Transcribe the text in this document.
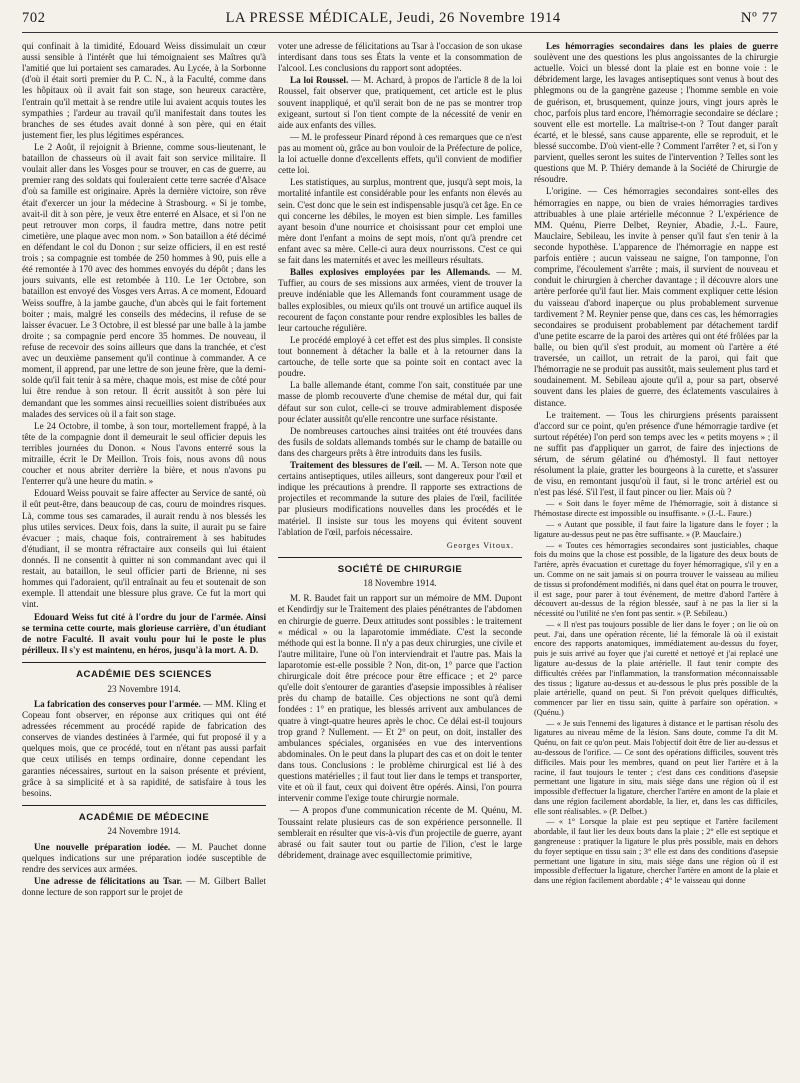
702	LA PRESSE MÉDICALE, Jeudi, 26 Novembre 1914	Nº 77

qui confinait à la timidité, Edouard Weiss dissimulait un cœur aussi sensible à l'intérêt que lui témoignaient ses Maîtres qu'à l'amitié que lui portaient ses camarades. Au Lycée, à la Sorbonne (d'où il était sorti premier du P. C. N., à la Faculté, comme dans les hôpitaux où il avait fait son stage, son heureux caractère, l'entrain qu'il mettait à se rendre utile lui avaient acquis toutes les sympathies ; l'ardeur au travail qu'il manifestait dans toutes les branches de ses études avait donné à son père, qui en était justement fier, les plus légitimes espérances.

Le 2 Août, il rejoignit à Brienne, comme sous-lieutenant, le bataillon de chasseurs où il avait fait son service militaire. Il voulait aller dans les Vosges pour se trouver, en cas de guerre, au premier rang des soldats qui fouleraient cette terre sacrée d'Alsace d'où sa famille est originaire. Après la dernière victoire, son rêve était d'exercer un jour la médecine à Strasbourg. « Si je tombe, avait-il dit à son père, je veux être enterré en Alsace, et si l'on ne peut retrouver mon corps, il faudra mettre, dans notre petit cimetière, une plaque avec mon nom. » Son bataillon a été décimé en défendant le col du Donon ; sur seize officiers, il en est resté trois ; sa compagnie est tombée de 250 hommes à 90, puis elle a été remontée à 170 avec des hommes envoyés du dépôt ; dans les jours suivants, elle est retombée à 110. Le 1er Octobre, son bataillon est envoyé des Vosges vers Arras. A ce moment, Edouard Weiss souffre, à la jambe gauche, d'un abcès qui le fait fortement boiter ; mais, malgré les conseils des médecins, il refuse de se laisser évacuer. Le 3 Octobre, il est blessé par une balle à la jambe droite ; sa compagnie perd encore 35 hommes. De nouveau, il refuse de recevoir des soins ailleurs que dans la tranchée, et c'est avec un deuxième pansement qu'il continue à commander. A ce moment, il apprend, par une lettre de son jeune frère, que la demi-solde qu'il fait tenir à sa mère, chaque mois, est mise de côté pour lui être rendue à son retour. Il écrit aussitôt à son père lui demandant que les sommes ainsi recueillies soient distribuées aux malades des services où il a fait son stage.

Le 24 Octobre, il tombe, à son tour, mortellement frappé, à la tête de la compagnie dont il demeurait le seul officier depuis les terribles journées du Donon. « Nous l'avons enterré sous la mitraille, écrit le Dr Meillon. Trois fois, nous avons dû nous coucher et nous abriter derrière la bière, et nous n'avons pu l'enterrer qu'à une heure du matin. »

Edouard Weiss pouvait se faire affecter au Service de santé, où il eût peut-être, dans beaucoup de cas, couru de moindres risques. Là, comme tous ses camarades, il aurait rendu à nos blessés les plus utiles services. Deux fois, dans la suite, il aurait pu se faire évacuer ; mais, chaque fois, contrairement à ses habitudes d'étudiant, il se montra réfractaire aux conseils qui lui étaient donnés. Il ne consentit à quitter ni son commandant avec qui il restait, au bataillon, le seul officier parti de Brienne, ni ses hommes qui l'adoraient, qu'il entraînait au feu et soutenait de son exemple. Il attendait une blessure plus grave. Ce fut la mort qui vint.

Edouard Weiss fut cité à l'ordre du jour de l'armée. Ainsi se termina cette courte, mais glorieuse carrière, d'un étudiant de notre Faculté. Il avait voulu pour lui le poste le plus périlleux. Il s'y est maintenu, en héros, jusqu'à la mort. A. D.

ACADÉMIE DES SCIENCES
23 Novembre 1914.

La fabrication des conserves pour l'armée. — MM. Kling et Copeau font observer, en réponse aux critiques qui ont été adressées récemment au procédé rapide de fabrication des conserves de viandes destinées à l'armée, qui fut proposé il y a quelques mois, que ce procédé, tout en n'étant pas aussi parfait que ceux utilisés en temps ordinaire, donne cependant les garanties nécessaires, surtout en la saison présente et prévient, grâce à sa simplicité et à sa rapidité, de satisfaire à tous les besoins.

ACADÉMIE DE MÉDECINE
24 Novembre 1914.

Une nouvelle préparation iodée. — M. Pauchet donne quelques indications sur une préparation iodée susceptible de rendre des services aux armées.

Une adresse de félicitations au Tsar. — M. Gilbert Ballet donne lecture de son rapport sur le projet de

voter une adresse de félicitations au Tsar à l'occasion de son ukase interdisant dans tous ses États la vente et la consommation de l'alcool. Les conclusions du rapport sont adoptées.

La loi Roussel. — M. Achard, à propos de l'article 8 de la loi Roussel, fait observer que, pratiquement, cet article est le plus souvent inappliqué, et qu'il serait bon de ne pas se montrer trop exigeant, surtout si l'on tient compte de la nécessité de venir en aide aux enfants des villes.

— M. le professeur Pinard répond à ces remarques que ce n'est pas au moment où, grâce au bon vouloir de la Préfecture de police, la loi actuelle donne d'excellents effets, qu'il convient de modifier cette loi.

Les statistiques, au surplus, montrent que, jusqu'à sept mois, la mortalité infantile est considérable pour les enfants non élevés au sein. C'est donc que le sein est indispensable jusqu'à cet âge. En ce qui concerne les débiles, le moyen est bien simple. Les familles ayant besoin d'une nourrice et choisissant pour cet emploi une mère dont l'enfant a moins de sept mois, n'ont qu'à prendre cet enfant avec sa mère. Celle-ci aura deux nourrissons. C'est ce qui se fait dans les maternités et avec les meilleurs résultats.

Balles explosives employées par les Allemands. — M. Tuffier, au cours de ses missions aux armées, vient de trouver la preuve indéniable que les Allemands font couramment usage de balles explosibles, ou mieux qu'ils ont trouvé un artifice auquel ils recourent de façon constante pour rendre explosibles les balles de leur cartouche régulière.

Le procédé employé à cet effet est des plus simples. Il consiste tout bonnement à détacher la balle et à la retourner dans la cartouche, de telle sorte que sa pointe soit en contact avec la poudre.

La balle allemande étant, comme l'on sait, constituée par une masse de plomb recouverte d'une chemise de métal dur, qui fait défaut sur son culot, celle-ci se trouve admirablement disposée pour éclater aussitôt qu'elle rencontre une surface résistante.

De nombreuses cartouches ainsi traitées ont été trouvées dans des fusils de soldats allemands tombés sur le champ de bataille ou dans des chargeurs prêts à être introduits dans les fusils.

Traitement des blessures de l'œil. — M. A. Terson note que certains antiseptiques, utiles ailleurs, sont dangereux pour l'œil et indique les précautions à prendre. Il rapporte ses extractions de projectiles et recommande la suture des plaies de l'œil, facilitée par plusieurs modifications nouvelles dans les procédés et le matériel. Il insiste sur tous les moyens qui évitent souvent l'ablation de l'œil, parfois nécessaire.

Georges Vitoux.
SOCIÉTÉ DE CHIRURGIE
18 Novembre 1914.

M. R. Baudet fait un rapport sur un mémoire de MM. Dupont et Kendirdjy sur le Traitement des plaies pénétrantes de l'abdomen en chirurgie de guerre. Deux attitudes sont possibles : le traitement « médical » ou la laparotomie immédiate. C'est la seconde méthode qui est la bonne. Il n'y a pas deux chirurgies, une civile et l'autre militaire, l'une où l'on interviendrait et l'autre pas. Mais la laparotomie est-elle possible ? Non, dit-on, 1° parce que l'action chirurgicale doit être précoce pour être efficace ; et 2° parce qu'elle doit s'entourer de garanties d'asepsie impossibles à réaliser près du champ de bataille. Ces objections ne sont qu'à demi fondées : 1° en pratique, les blessés arrivent aux ambulances de quatre à vingt-quatre heures après le choc. Ce délai est-il toujours trop grand ? Nullement. — Et 2° on peut, on doit, installer des ambulances spéciales, organisées en vue des interventions abdominales. On le peut dans la plupart des cas et on doit le tenter dans tous. Conclusions : le problème chirurgical est lié à des questions matérielles ; il faut tout lier dans le temps et transporter, vite et où il faut, ceux qui doivent être opérés. Ainsi, l'on pourra intervenir comme l'exige toute chirurgie normale.

— A propos d'une communication récente de M. Quénu, M. Toussaint relate plusieurs cas de son expérience personnelle. Il semblerait en résulter que vis-à-vis d'un projectile de guerre, ayant abrasé ou fait sauter tout ou partie de l'ilion, c'est le large débridement, drainage avec esquillectomie primitive,

Les hémorragies secondaires dans les plaies de guerre soulèvent une des questions les plus angoissantes de la chirurgie actuelle. Voici un blessé dont la plaie est en bonne voie : le débridement large, les lavages antiseptiques sont venus à bout des phlegmons ou de la gangrène gazeuse ; l'homme semble en voie de guérison, et, brusquement, quinze jours, vingt jours après le choc, parfois plus tard encore, l'hémorragie secondaire se déclare ; souvent elle est mortelle. La maîtrise-t-on ? Tout danger paraît écarté, et le blessé, sans cause apparente, elle se reproduit, et le blessé succombe. D'où vient-elle ? Comment l'arrêter ? et, si l'on y parvient, quelles seront les suites de l'intervention ? Telles sont les questions que M. P. Thiéry demande à la Société de Chirurgie de résoudre.

L'origine. — Ces hémorragies secondaires sont-elles des hémorragies en nappe, ou bien de vraies hémorragies tardives attribuables à une plaie artérielle méconnue ? L'expérience de MM. Quénu, Pierre Delbet, Reynier, Abadie, J.-L. Faure, Mauclaire, Sebileau, les invite à penser qu'il faut s'en tenir à la seconde hypothèse. L'apparence de l'hémorragie en nappe est parfois entière ; aucun vaisseau ne saigne, l'on tamponne, l'on comprime, l'écoulement s'arrête ; mais, il survient de nouveau et conduit le chirurgien à chercher davantage ; il découvre alors une artère perforée qu'il faut lier. Mais comment expliquer cette lésion du vaisseau d'abord inaperçue ou plus probablement survenue tardivement ? M. Reynier pense que, dans ces cas, les hémorragies secondaires se produisent probablement par détachement tardif d'une petite escarre de la paroi des artères qui ont été frôlées par la balle, ou bien qu'il s'est produit, au moment où l'artère a été traversée, un caillot, un retrait de la paroi, qui fait que l'hémorragie ne se produit pas aussitôt, mais seulement plus tard et soudainement. M. Sebileau ajoute qu'il a, pour sa part, observé souvent dans les plaies de guerre, des éclatements vasculaires à distance.

Le traitement. — Tous les chirurgiens présents paraissent d'accord sur ce point, qu'en présence d'une hémorragie tardive (et surtout répétée) l'on perd son temps avec les « petits moyens » ; il ne suffit pas d'appliquer un garrot, de faire des injections de sérum, de sérum gélatiné ou d'hémostyl. Il faut nettoyer résolument la plaie, gratter les bourgeons à la curette, et s'assurer de visu, en remontant jusqu'où il faut, si le tronc artériel est ou n'est pas lésé. S'il l'est, il faut pincer ou lier. Mais où ?

— « Soit dans le foyer même de l'hémorragie, soit à distance si l'hémostase directe est impossible ou insuffisante. » (J.-L. Faure.)

— « Autant que possible, il faut faire la ligature dans le foyer ; la ligature au-dessus peut ne pas être suffisante. » (P. Mauclaire.)

— « Toutes ces hémorragies secondaires sont justiciables, chaque fois du moins que la chose est possible, de la ligature des deux bouts de l'artère, après évacuation et curettage du foyer hémorragique, s'il y en a un. Comme on ne sait jamais si on pourra trouver le vaisseau au milieu de tissus si profondément modifiés, ni dans quel état on pourra le trouver, il est sage, pour parer à tout événement, de mettre d'abord l'artère à découvert au-dessus de la région blessée, sauf à ne pas la lier si la nécessité ou l'utilité ne s'en font pas sentir. » (P. Sebileau.)

— « Il n'est pas toujours possible de lier dans le foyer ; on lie où on peut. J'ai, dans une opération récente, lié la fémorale là où il existait encore des rapports anatomiques, immédiatement au-dessus du foyer, puis je suis arrivé au foyer que j'ai curetté et nettoyé et j'ai replacé une ligature au-dessus de la plaie artérielle. Il faut tenir compte des difficultés créées par l'inflammation, la transformation méconnaissable des tissus ; ligature au-dessus et au-dessous le plus près possible de la plaie artérielle, quand on peut. Si l'on prévoit quelques difficultés, commencer par lier en tissu sain, quitte à parfaire son opération. » (Quénu.)

— « Je suis l'ennemi des ligatures à distance et le partisan résolu des ligatures au niveau même de la lésion. Sans doute, comme l'a dit M. Quénu, on fait ce qu'on peut. Mais l'objectif doit être de lier au-dessus et au-dessous de l'orifice. — Ce sont des opérations difficiles, souvent très difficiles. Mais pour les membres, quand on peut lier l'artère et à la racine, il faut toujours le tenter ; c'est dans ces conditions d'asepsie permettant une ligature in situ, mais siège dans une région où il est impossible d'effectuer la ligature, chercher l'artère en amont de la plaie et dans une région facilement abordable, la lier, et, dans les cas difficiles, elle sont réalisables. » (P. Delbet.)

— « 1° Lorsque la plaie est peu septique et l'artère facilement abordable, il faut lier les deux bouts dans la plaie ; 2° elle est septique et gangreneuse : pratiquer la ligature le plus près possible, mais en dehors du foyer septique en tissu sain ; 3° elle est dans des conditions d'asepsie permettant une ligature in situ, mais siège dans une région où il est impossible d'effectuer la ligature, chercher l'artère en amont de la plaie et dans une région facilement abordable ; 4° le vaisseau qui donne
